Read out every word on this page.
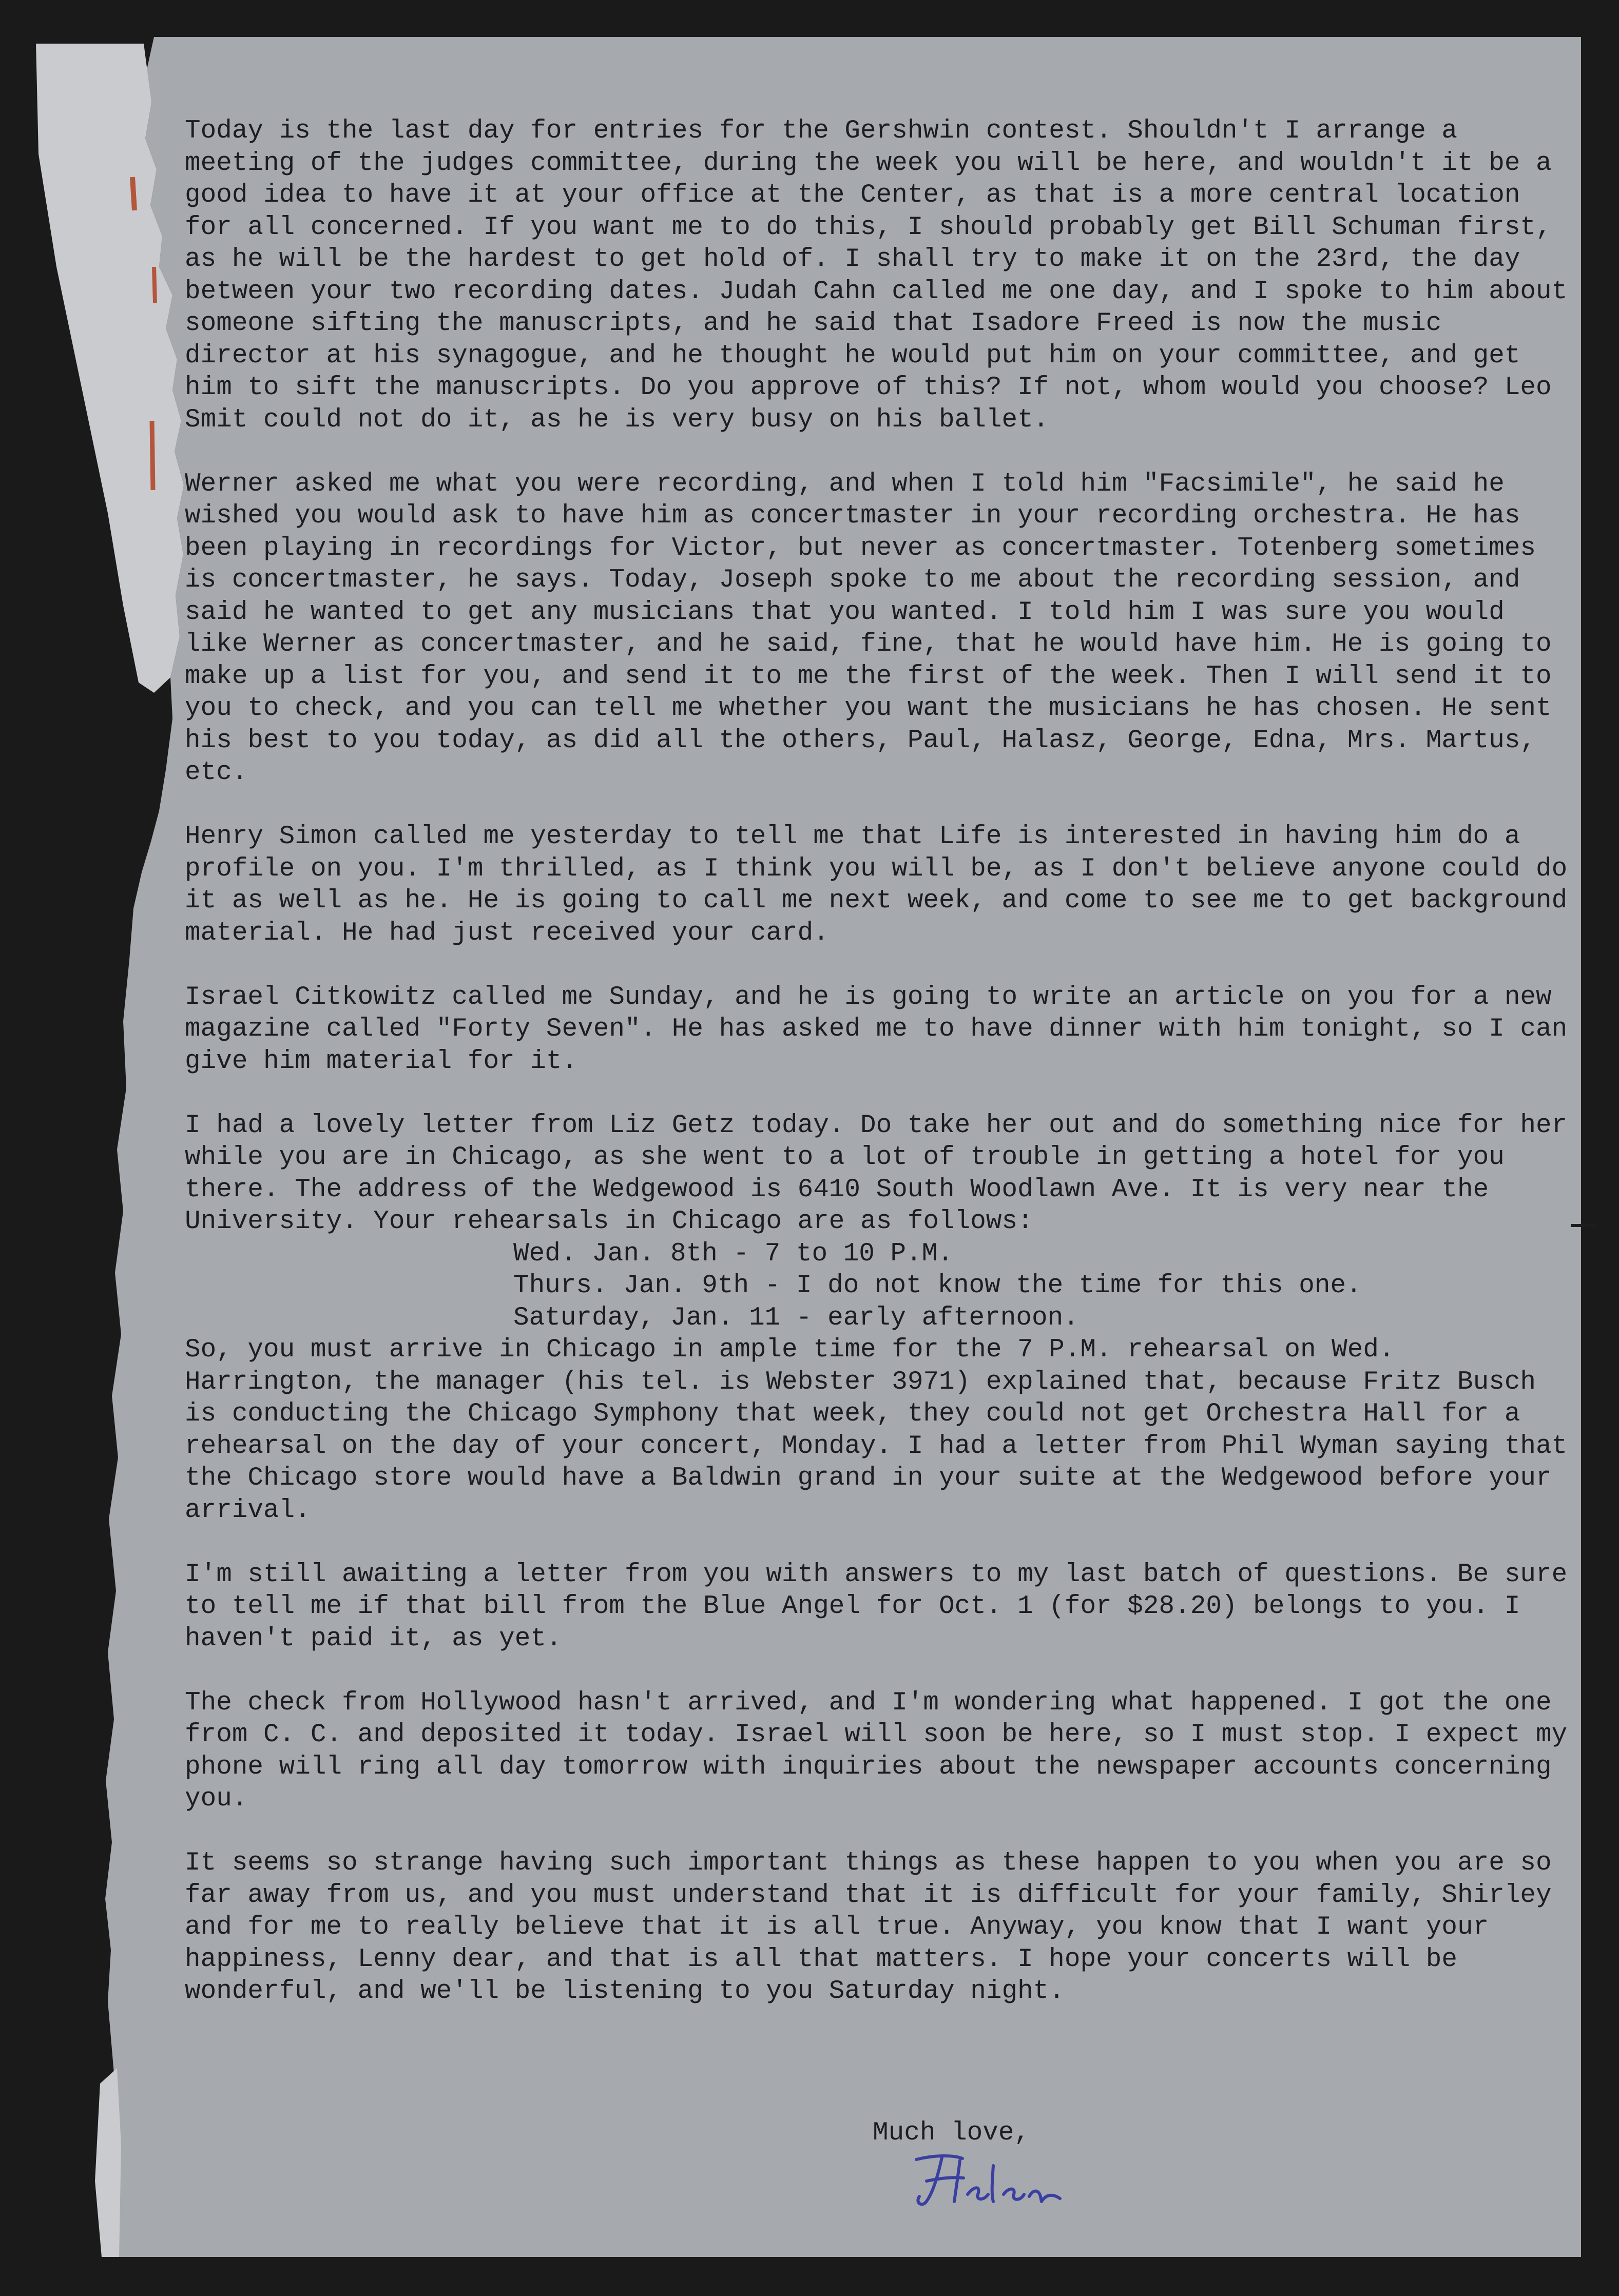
Today is the last day for entries for the Gershwin contest. Shouldn't I arrange a meeting of the judges committee, during the week you will be here, and wouldn't it be a good idea to have it at your office at the Center, as that is a more central location for all concerned. If you want me to do this, I should probably get Bill Schuman first, as he will be the hardest to get hold of. I shall try to make it on the 23rd, the day between your two recording dates. Judah Cahn called me one day, and I spoke to him about someone sifting the manuscripts, and he said that Isadore Freed is now the music director at his synagogue, and he thought he would put him on your committee, and get him to sift the manuscripts. Do you approve of this? If not, whom would you choose? Leo Smit could not do it, as he is very busy on his ballet.

Werner asked me what you were recording, and when I told him "Facsimile", he said he wished you would ask to have him as concertmaster in your recording orchestra. He has been playing in recordings for Victor, but never as concertmaster. Totenberg sometimes is concertmaster, he says. Today, Joseph spoke to me about the recording session, and said he wanted to get any musicians that you wanted. I told him I was sure you would like Werner as concertmaster, and he said, fine, that he would have him. He is going to make up a list for you, and send it to me the first of the week. Then I will send it to you to check, and you can tell me whether you want the musicians he has chosen. He sent his best to you today, as did all the others, Paul, Halasz, George, Edna, Mrs. Martus, etc.

Henry Simon called me yesterday to tell me that Life is interested in having him do a profile on you. I'm thrilled, as I think you will be, as I don't believe anyone could do it as well as he. He is going to call me next week, and come to see me to get background material. He had just received your card.

Israel Citkowitz called me Sunday, and he is going to write an article on you for a new magazine called "Forty Seven". He has asked me to have dinner with him tonight, so I can give him material for it.

I had a lovely letter from Liz Getz today. Do take her out and do something nice for her while you are in Chicago, as she went to a lot of trouble in getting a hotel for you there. The address of the Wedgewood is 6410 South Woodlawn Ave. It is very near the University. Your rehearsals in Chicago are as follows:

Wed. Jan. 8th - 7 to 10 P.M.
Thurs. Jan. 9th - I do not know the time for this one.
Saturday, Jan. 11 - early afternoon.

So, you must arrive in Chicago in ample time for the 7 P.M. rehearsal on Wed. Harrington, the manager (his tel. is Webster 3971) explained that, because Fritz Busch is conducting the Chicago Symphony that week, they could not get Orchestra Hall for a rehearsal on the day of your concert, Monday. I had a letter from Phil Wyman saying that the Chicago store would have a Baldwin grand in your suite at the Wedgewood before your arrival.

I'm still awaiting a letter from you with answers to my last batch of questions. Be sure to tell me if that bill from the Blue Angel for Oct. 1 (for $28.20) belongs to you. I haven't paid it, as yet.

The check from Hollywood hasn't arrived, and I'm wondering what happened. I got the one from C. C. and deposited it today. Israel will soon be here, so I must stop. I expect my phone will ring all day tomorrow with inquiries about the newspaper accounts concerning you.

It seems so strange having such important things as these happen to you when you are so far away from us, and you must understand that it is difficult for your family, Shirley and for me to really believe that it is all true. Anyway, you know that I want your happiness, Lenny dear, and that is all that matters. I hope your concerts will be wonderful, and we'll be listening to you Saturday night.

Much love,
